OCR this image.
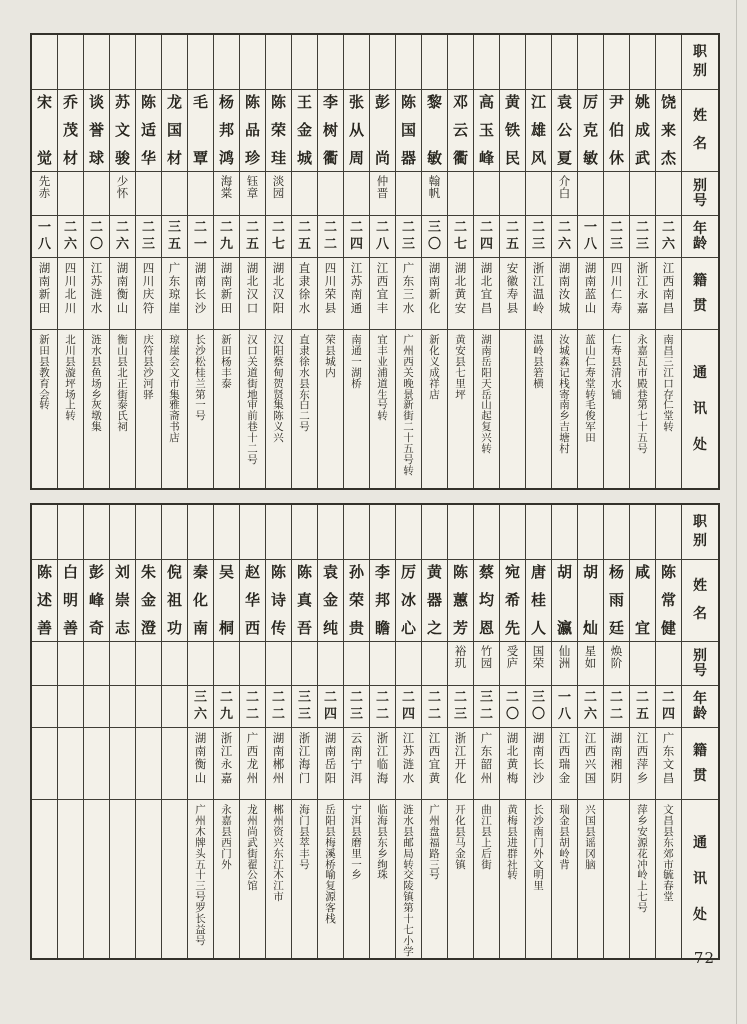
职
别
姓
名
别
号
年
龄
籍
贯
通
讯
处
饶
来
杰
二
六
江
西
南
昌
南
昌
三
江
口
存
仁
堂
转
姚
成
武
二
三
浙
江
永
嘉
永
嘉
瓦
市
殿
巷
第
七
十
五
号
尹
伯
休
二
三
四
川
仁
寿
仁
寿
县
清
水
铺
厉
克
敏
一
八
湖
南
蓝
山
蓝
山
仁
寿
堂
转
毛
俊
军
田
袁
公
夏
介
白
二
六
湖
南
汝
城
汝
城
森
记
栈
寄
南
乡
吉
塘
村
江
雄
风
二
三
浙
江
温
岭
温
岭
县
箬
横
黄
铁
民
二
五
安
徽
寿
县
高
玉
峰
二
四
湖
北
宜
昌
湖
南
岳
阳
天
岳
山
起
复
兴
转
邓
云
衢
二
七
湖
北
黄
安
黄
安
县
七
里
坪
黎
敏
翰
帆
三
〇
湖
南
新
化
新
化
义
成
祥
店
陈
国
器
二
三
广
东
三
水
广
州
西
关
晚
景
新
街
二
十
五
号
转
彭
尚
仲
晋
二
八
江
西
宜
丰
宜
丰
业
浦
道
生
号
转
张
从
周
二
四
江
苏
南
通
南
通
一
湖
桥
李
树
衢
二
二
四
川
荣
县
荣
县
城
内
王
金
城
二
五
直
隶
徐
水
直
隶
徐
水
县
东
白
二
号
陈
荣
珪
淡
园
二
七
湖
北
汉
阳
汉
阳
蔡
甸
贺
贤
集
陈
义
兴
陈
品
珍
钰
章
二
五
湖
北
汉
口
汉
口
关
道
街
地
审
前
巷
十
二
号
杨
邦
鸿
海
棠
二
九
湖
南
新
田
新
田
杨
丰
泰
毛
覃
二
一
湖
南
长
沙
长
沙
松
桂
兰
第
一
号
龙
国
材
三
五
广
东
琼
崖
琼
崖
会
文
市
集
雅
斋
书
店
陈
适
华
二
三
四
川
庆
符
庆
符
县
沙
河
驿
苏
文
骏
少
怀
二
六
湖
南
衡
山
衡
山
县
北
正
街
泰
氏
祠
谈
誉
球
二
〇
江
苏
涟
水
涟
水
县
鱼
场
乡
灰
墩
集
乔
茂
材
二
六
四
川
北
川
北
川
县
漩
坪
场
上
转
宋
觉
先
赤
一
八
湖
南
新
田
新
田
县
教
育
会
转
职
别
姓
名
别
号
年
龄
籍
贯
通
讯
处
陈
常
健
二
四
广
东
文
昌
文
昌
县
东
郊
市
毓
春
堂
咸
宜
二
五
江
西
萍
乡
萍
乡
安
源
花
冲
岭
上
七
号
杨
雨
廷
焕
阶
二
二
湖
南
湘
阴
胡
灿
星
如
二
六
江
西
兴
国
兴
国
县
谣
冈
脑
胡
瀛
仙
洲
一
八
江
西
瑞
金
瑞
金
县
胡
岭
背
唐
桂
人
国
荣
三
〇
湖
南
长
沙
长
沙
南
门
外
文
明
里
宛
希
先
受
庐
二
〇
湖
北
黄
梅
黄
梅
县
进
群
社
转
蔡
均
恩
竹
园
三
二
广
东
韶
州
曲
江
县
上
后
街
陈
蕙
芳
裕
玑
二
三
浙
江
开
化
开
化
县
马
金
镇
黄
器
之
二
二
江
西
宜
黄
广
州
盘
福
路
三
号
厉
冰
心
二
四
江
苏
涟
水
涟
水
县
邮
局
转
交
陵
镇
第
十
七
小
学
李
邦
瞻
二
二
浙
江
临
海
临
海
县
东
乡
绚
珠
孙
荣
贵
二
三
云
南
宁
洱
宁
洱
县
磨
里
一
乡
袁
金
纯
二
四
湖
南
岳
阳
岳
阳
县
梅
溪
桥
喻
复
源
客
栈
陈
真
吾
三
三
浙
江
海
门
海
门
县
萃
丰
号
陈
诗
传
二
二
湖
南
郴
州
郴
州
资
兴
东
江
木
江
市
赵
华
西
二
二
广
西
龙
州
龙
州
尚
武
街
翟
公
馆
吴
桐
二
九
浙
江
永
嘉
永
嘉
县
西
门
外
秦
化
南
三
六
湖
南
衡
山
广
州
木
牌
头
五
十
三
号
罗
长
益
号
倪
祖
功
朱
金
澄
刘
崇
志
彭
峰
奇
白
明
善
陈
述
善
72
